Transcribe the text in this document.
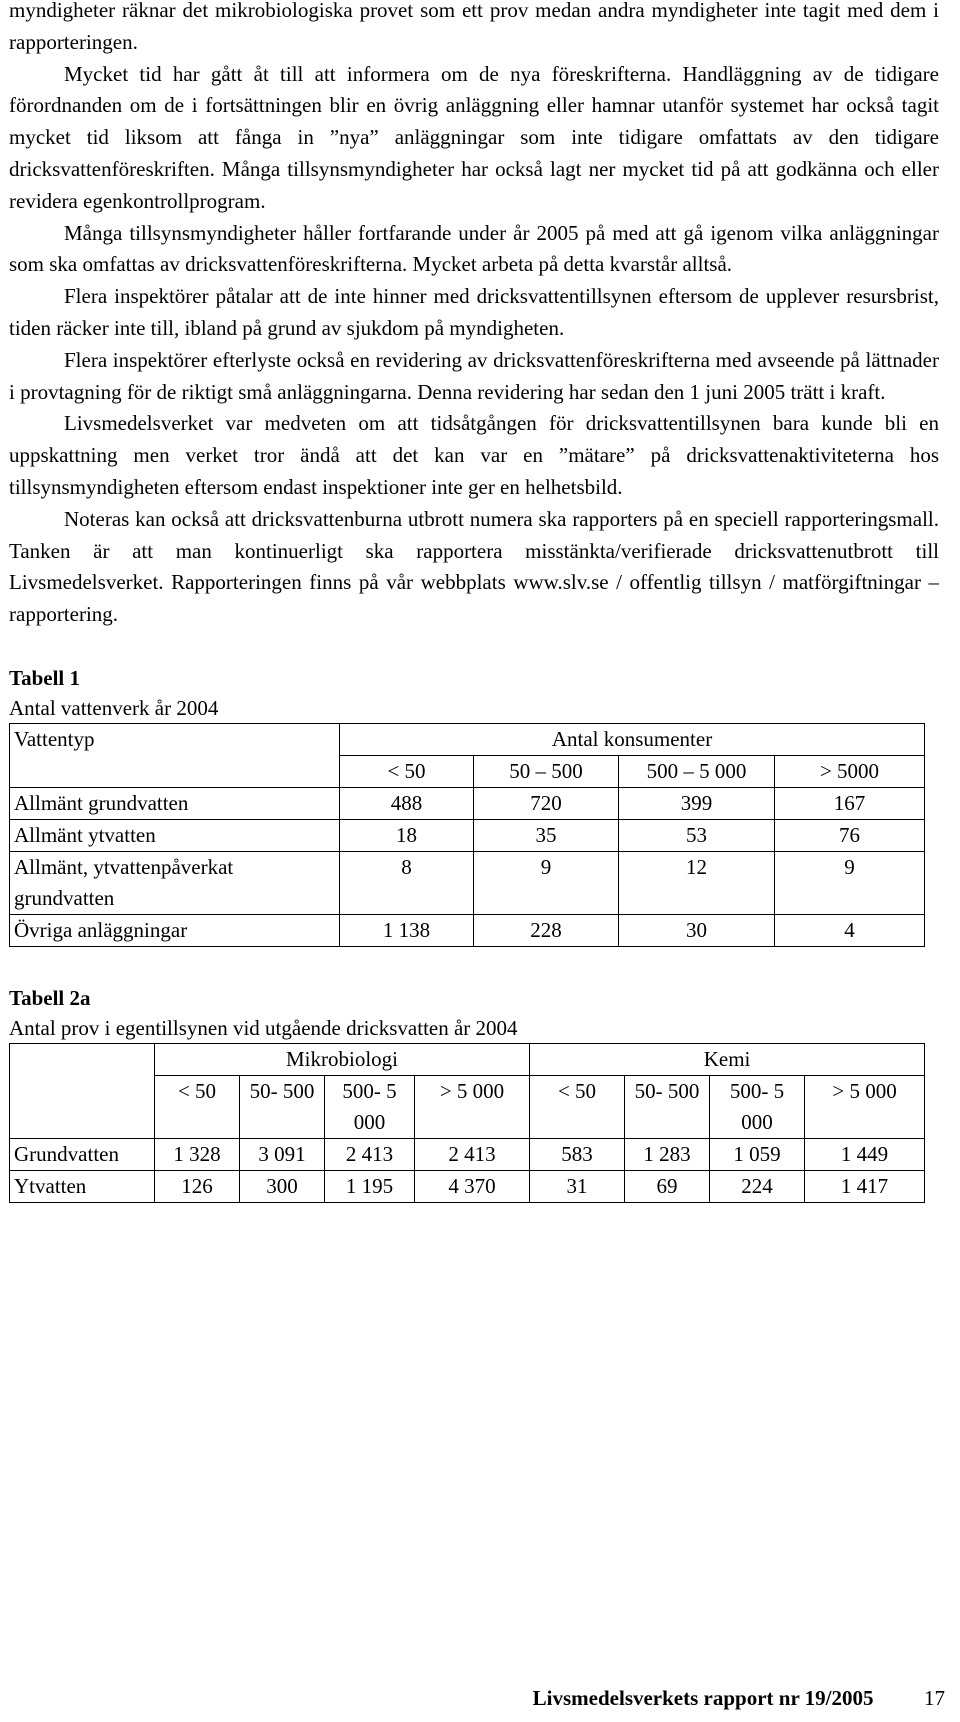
myndigheter räknar det mikrobiologiska provet som ett prov medan andra myndigheter inte tagit med dem i rapporteringen.

Mycket tid har gått åt till att informera om de nya föreskrifterna. Handläggning av de tidigare förordnanden om de i fortsättningen blir en övrig anläggning eller hamnar utanför systemet har också tagit mycket tid liksom att fånga in ”nya” anläggningar som inte tidigare omfattats av den tidigare dricksvattenföreskriften. Många tillsynsmyndigheter har också lagt ner mycket tid på att godkänna och eller revidera egenkontrollprogram.

Många tillsynsmyndigheter håller fortfarande under år 2005 på med att gå igenom vilka anläggningar som ska omfattas av dricksvattenföreskrifterna. Mycket arbeta på detta kvarstår alltså.

Flera inspektörer påtalar att de inte hinner med dricksvattentillsynen eftersom de upplever resursbrist, tiden räcker inte till, ibland på grund av sjukdom på myndigheten.

Flera inspektörer efterlyste också en revidering av dricksvattenföreskrifterna med avseende på lättnader i provtagning för de riktigt små anläggningarna. Denna revidering har sedan den 1 juni 2005 trätt i kraft.

Livsmedelsverket var medveten om att tidsåtgången för dricksvattentillsynen bara kunde bli en uppskattning men verket tror ändå att det kan var en ”mätare” på dricksvattenaktiviteterna hos tillsynsmyndigheten eftersom endast inspektioner inte ger en helhetsbild.

Noteras kan också att dricksvattenburna utbrott numera ska rapporters på en speciell rapporteringsmall. Tanken är att man kontinuerligt ska rapportera misstänkta/verifierade dricksvattenutbrott till Livsmedelsverket. Rapporteringen finns på vår webbplats www.slv.se / offentlig tillsyn / matförgiftningar – rapportering.

Tabell 1

Antal vattenverk år 2004

Vattentyp	Antal konsumenter			
	< 50	50 – 500	500 – 5 000	> 5000
Allmänt grundvatten	488	720	399	167
Allmänt ytvatten	18	35	53	76
Allmänt, ytvattenpåverkat grundvatten	8	9	12	9
Övriga anläggningar	1 138	228	30	4

Tabell 2a

Antal prov i egentillsynen vid utgående dricksvatten år 2004

	Mikrobiologi				Kemi			
	< 50	50- 500	500- 5 000	> 5 000	< 50	50- 500	500- 5 000	> 5 000
Grundvatten	1 328	3 091	2 413	2 413	583	1 283	1 059	1 449
Ytvatten	126	300	1 195	4 370	31	69	224	1 417
Livsmedelsverkets rapport nr 19/2005 17
